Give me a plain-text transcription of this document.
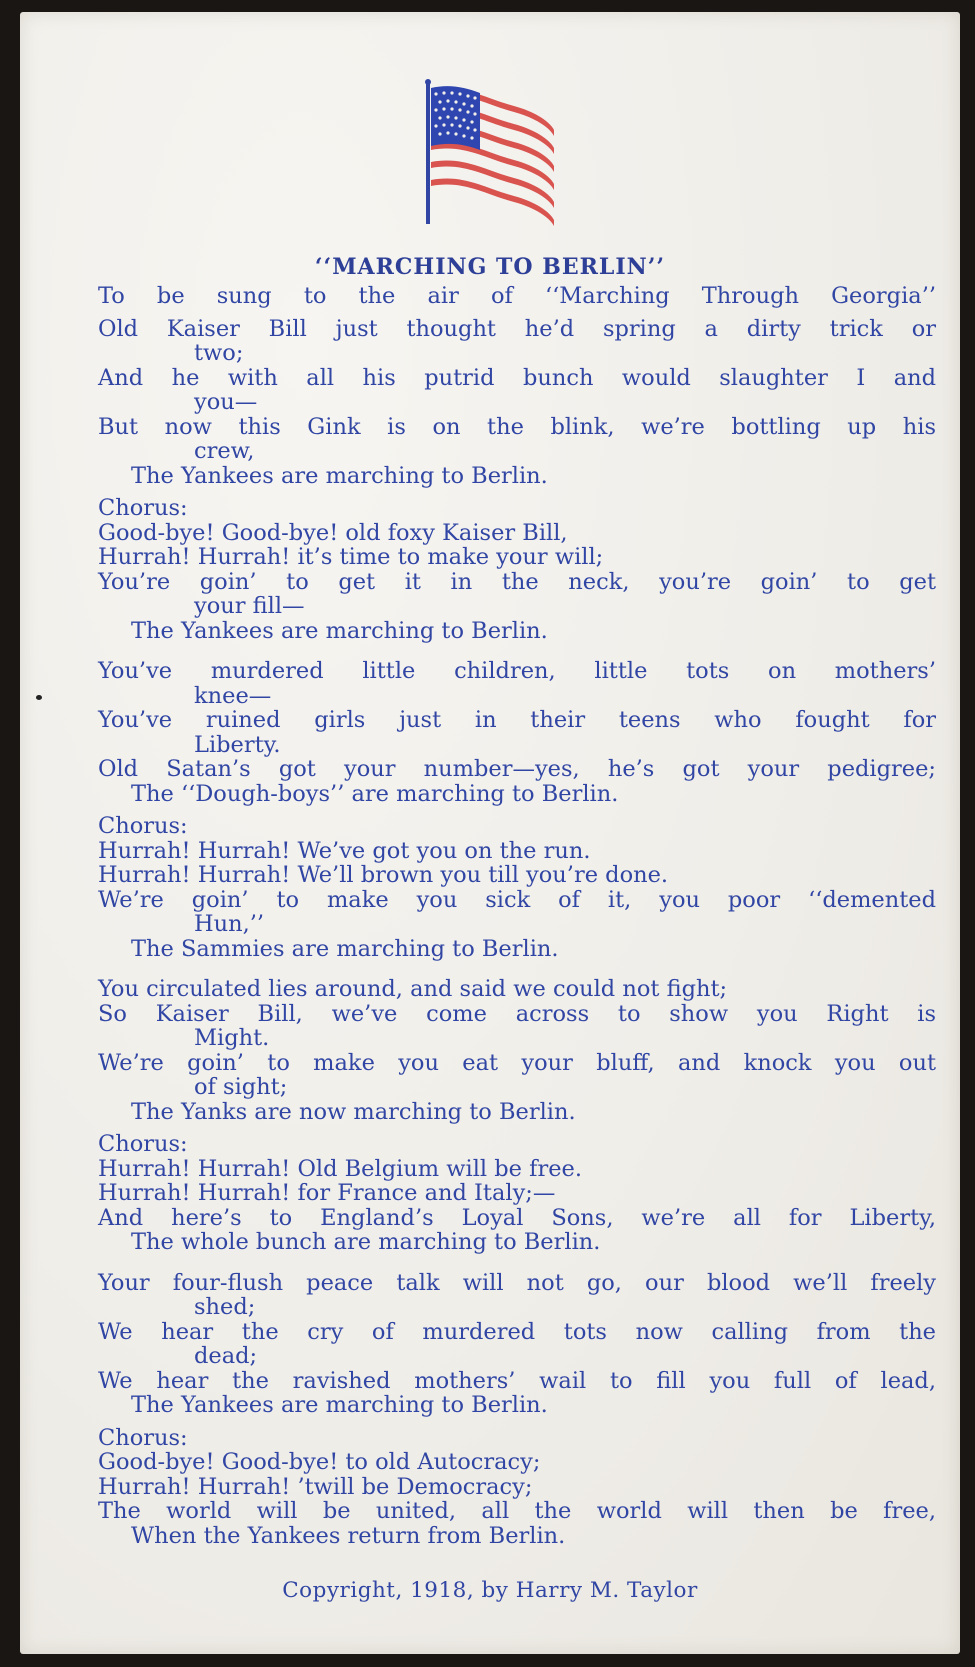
‘‘MARCHING TO BERLIN’’
To be sung to the air of ‘‘Marching Through Georgia’’
Old Kaiser Bill just thought he’d spring a dirty trick or
two;
And he with all his putrid bunch would slaughter I and
you—
But now this Gink is on the blink, we’re bottling up his
crew,
The Yankees are marching to Berlin.
Chorus:
Good-bye! Good-bye! old foxy Kaiser Bill,
Hurrah! Hurrah! it’s time to make your will;
You’re goin’ to get it in the neck, you’re goin’ to get
your fill—
The Yankees are marching to Berlin.
You’ve murdered little children, little tots on mothers’
knee—
You’ve ruined girls just in their teens who fought for
Liberty.
Old Satan’s got your number—yes, he’s got your pedigree;
The ‘‘Dough-boys’’ are marching to Berlin.
Chorus:
Hurrah! Hurrah! We’ve got you on the run.
Hurrah! Hurrah! We’ll brown you till you’re done.
We’re goin’ to make you sick of it, you poor ‘‘demented
Hun,’’
The Sammies are marching to Berlin.
You circulated lies around, and said we could not fight;
So Kaiser Bill, we’ve come across to show you Right is
Might.
We’re goin’ to make you eat your bluff, and knock you out
of sight;
The Yanks are now marching to Berlin.
Chorus:
Hurrah! Hurrah! Old Belgium will be free.
Hurrah! Hurrah! for France and Italy;—
And here’s to England’s Loyal Sons, we’re all for Liberty,
The whole bunch are marching to Berlin.
Your four-flush peace talk will not go, our blood we’ll freely
shed;
We hear the cry of murdered tots now calling from the
dead;
We hear the ravished mothers’ wail to fill you full of lead,
The Yankees are marching to Berlin.
Chorus:
Good-bye! Good-bye! to old Autocracy;
Hurrah! Hurrah! ’twill be Democracy;
The world will be united, all the world will then be free,
When the Yankees return from Berlin.
Copyright, 1918, by Harry M. Taylor
